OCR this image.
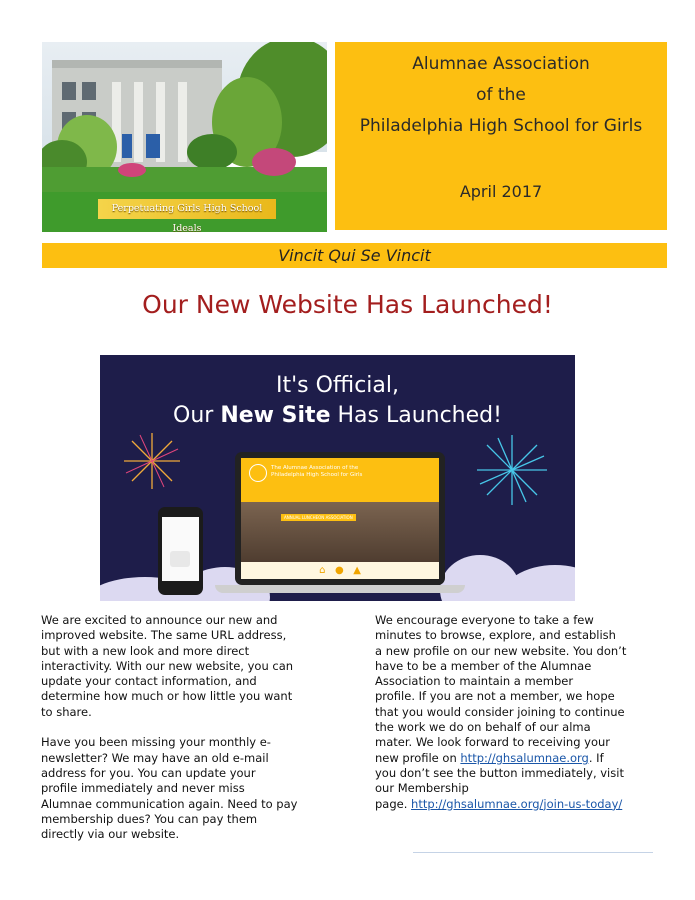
Perpetuating Girls High School Ideals
Alumnae Association
of the
Philadelphia High School for Girls
April 2017
Vincit Qui Se Vincit
Our New Website Has Launched!
It's Official,
Our New Site Has Launched!
The Alumnae Association of the
Philadelphia High School for Girls
ANNUAL LUNCHEON ASSOCIATION
⌂   ●   ▲

We are excited to announce our new and

improved website. The same URL address,

but with a new look and more direct

interactivity. With our new website, you can

update your contact information, and

determine how much or how little you want

to share.

Have you been missing your monthly e-

newsletter? We may have an old e-mail

address for you. You can update your

profile immediately and never miss

Alumnae communication again. Need to pay

membership dues? You can pay them

directly via our website.

We encourage everyone to take a few

minutes to browse, explore, and establish

a new profile on our new website. You don’t

have to be a member of the Alumnae

Association to maintain a member

profile. If you are not a member, we hope

that you would consider joining to continue

the work we do on behalf of our alma

mater. We look forward to receiving your

new profile on http://ghsalumnae.org. If

you don’t see the button immediately, visit

our Membership

page. http://ghsalumnae.org/join-us-today/
